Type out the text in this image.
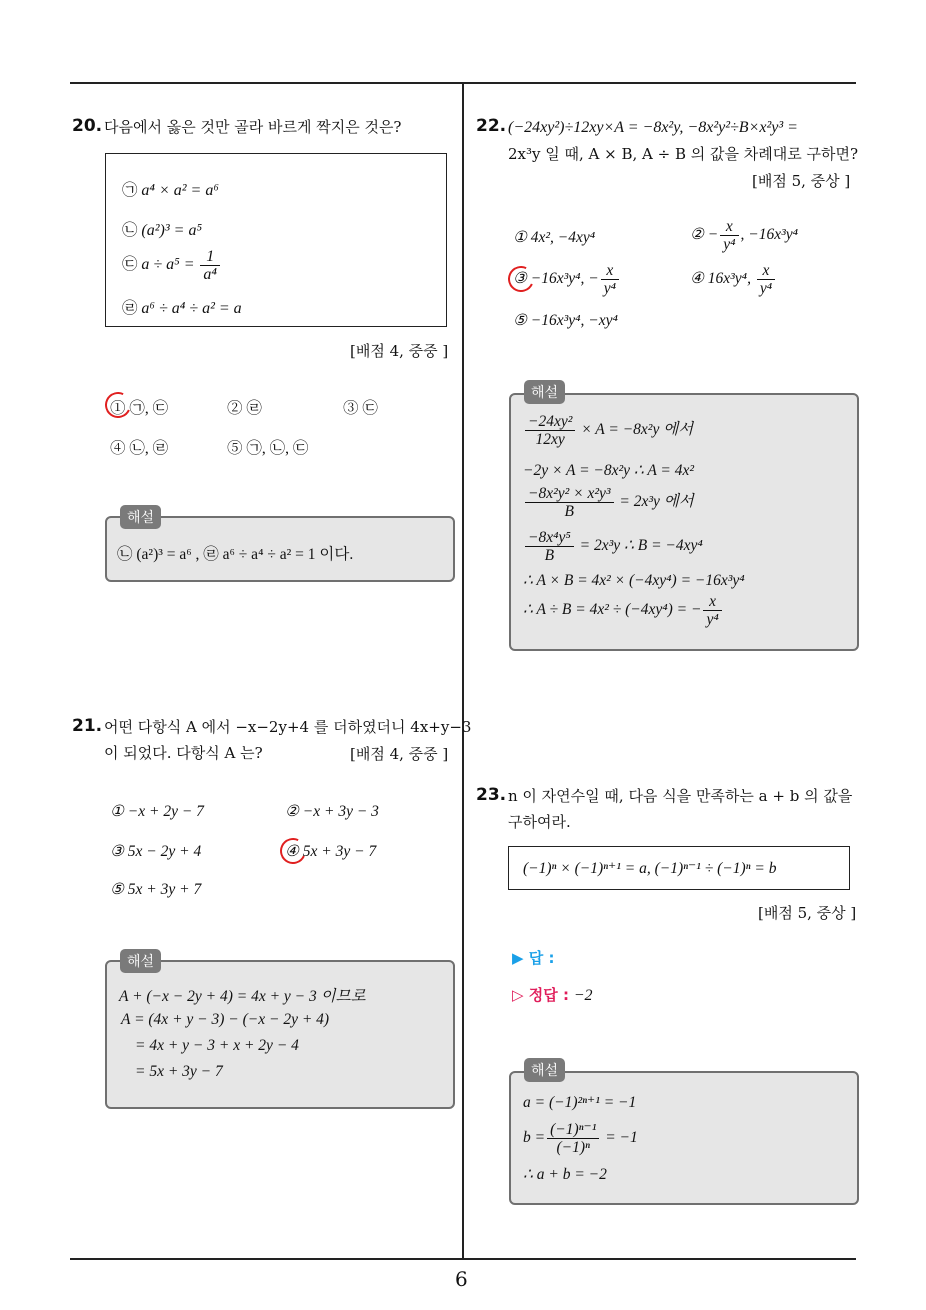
6
20. 다음에서 옳은 것만 골라 바르게 짝지은 것은?
㉠ a⁴ × a² = a⁶
㉡ (a²)³ = a⁵
㉢ $a \div a^5 = \frac{1}{\text{a⁴}}$
㉣ a⁶ ÷ a⁴ ÷ a² = a
[배점 4, 중중 ]
① ㉠, ㉢	② ㉣	③ ㉢
④ ㉡, ㉣	⑤ ㉠, ㉡, ㉢
㉡ (a²)³ = a⁶ , ㉣ a⁶ ÷ a⁴ ÷ a² = 1 이다.
해설
21. 어떤 다항식 A 에서 −x−2y+4 를 더하였더니 4x+y−3
이 되었다. 다항식 A 는?	[배점 4, 중중 ]
① −x + 2y − 7	② −x + 3y − 3
③ 5x − 2y + 4	④ 5x + 3y − 7
⑤ 5x + 3y + 7
A + (−x − 2y + 4) = 4x + y − 3 이므로
A = (4x + y − 3) − (−x − 2y + 4)
= 4x + y − 3 + x + 2y − 4
= 5x + 3y − 7
해설
22. (−24xy²)÷12xy×A = −8x²y, −8x²y²÷B×x²y³ =
2x³y 일 때, A × B, A ÷ B 의 값을 차례대로 구하면?
[배점 5, 중상 ]
① 4x², −4xy⁴	② − $\frac{x}{\text{y⁴}}$ , −16x³y⁴
③ −16x³y⁴, − $\frac{x}{\text{y⁴}}$	④ 16x³y⁴, $\frac{x}{\text{y⁴}}$
⑤ −16x³y⁴, −xy⁴
$\frac{\text{−24xy²}}{12xy} \times A = -8x^2y$ 에서
−2y × A = −8x²y ∴ A = 4x²
$\frac{\text{−8x²y² × x²y³}}{B} = 2x^3y$ 에서
$\frac{\text{−8x⁴y⁵}}{B} = 2x^3y$ ∴ B = −4xy⁴
∴ A × B = 4x² × (−4xy⁴) = −16x³y⁴
∴ A ÷ B = 4x² ÷ (−4xy⁴) = − $\frac{x}{\text{y⁴}}$
해설
23. n 이 자연수일 때, 다음 식을 만족하는 a + b 의 값을
구하여라.
(−1)ⁿ × (−1)ⁿ⁺¹ = a, (−1)ⁿ⁻¹ ÷ (−1)ⁿ = b
[배점 5, 중상 ]
▶ 답 :
▷ 정답 : −2
a = (−1)²ⁿ⁺¹ = −1
$b = \frac{\text{(−1)ⁿ⁻¹}}{\text{(−1)ⁿ}} = -1$
∴ a + b = −2
해설
